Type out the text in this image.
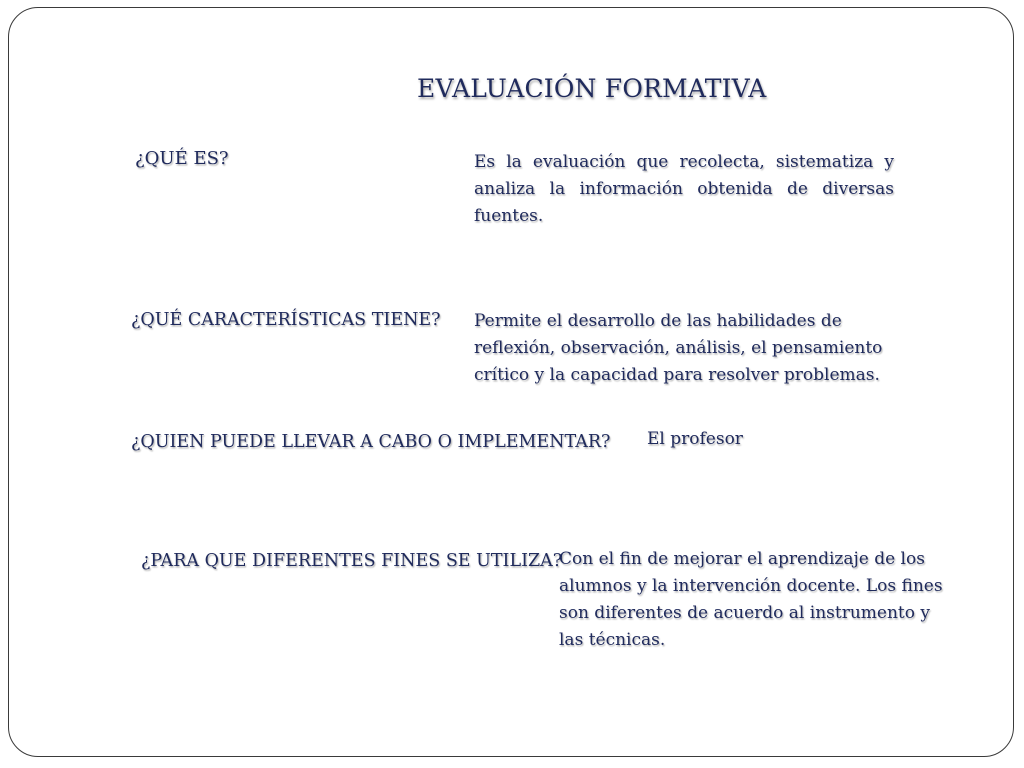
EVALUACIÓN FORMATIVA
¿QUÉ ES?	Es la evaluación que recolecta, sistematiza y analiza la información obtenida de diversas fuentes.
¿QUÉ CARACTERÍSTICAS TIENE? Permite el desarrollo de las habilidades de reflexión, observación, análisis, el pensamiento crítico y la capacidad para resolver problemas.
¿QUIEN PUEDE LLEVAR A CABO O IMPLEMENTAR? El profesor
¿PARA QUE DIFERENTES FINES SE UTILIZA?
Con el fin de mejorar el aprendizaje de los alumnos y la intervención docente. Los fines son diferentes de acuerdo al instrumento y las técnicas.
